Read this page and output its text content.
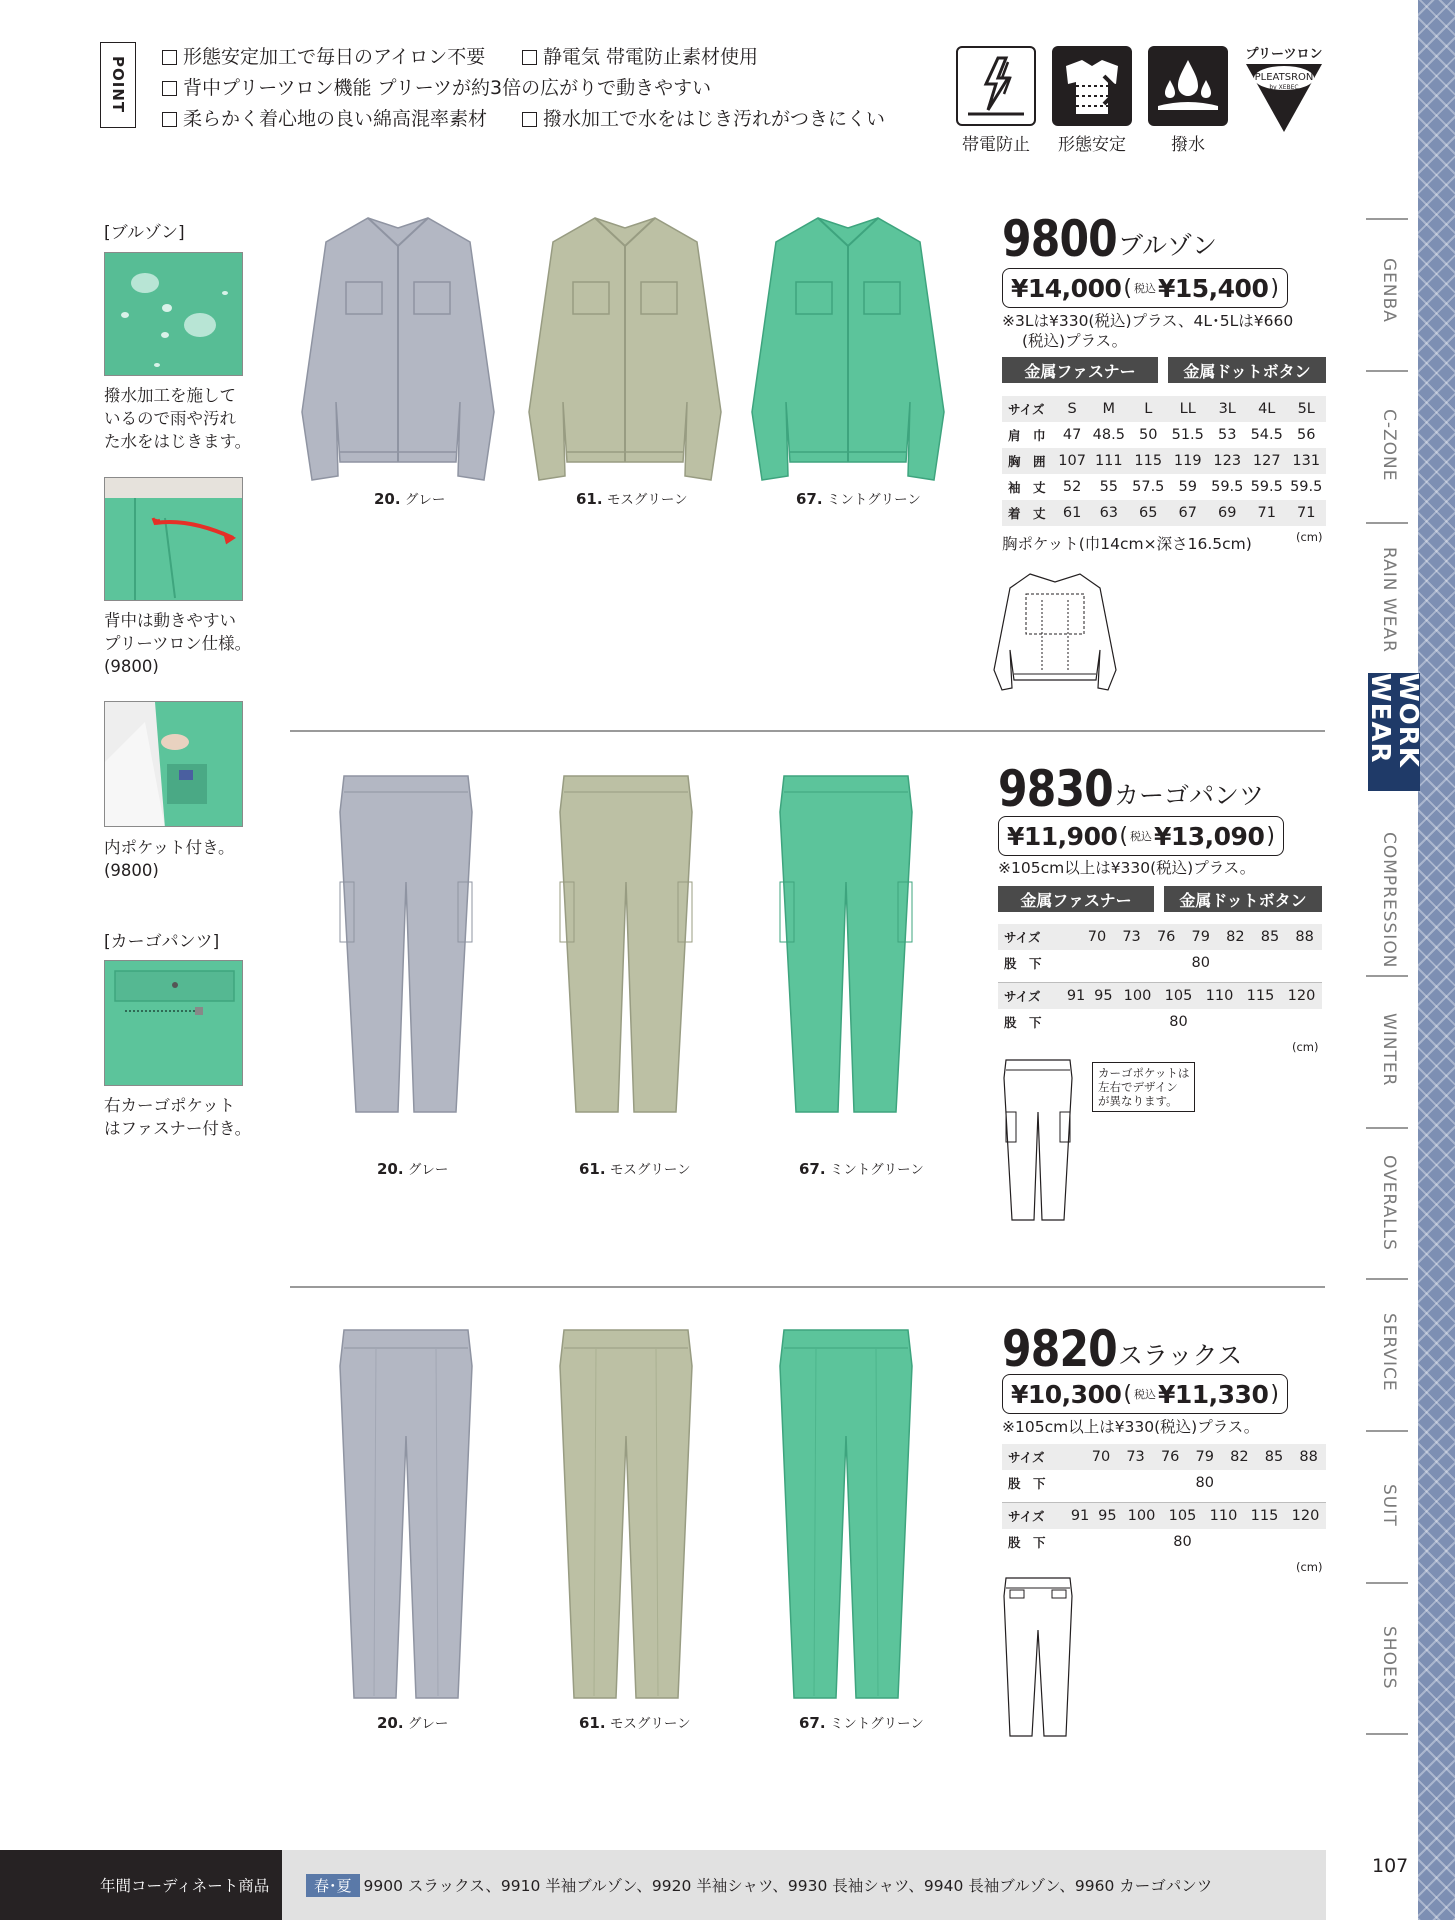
POINT	形態安定加工で毎日のアイロン不要	静電気 帯電防止素材使用
背中プリーツロン機能 プリーツが約3倍の広がりで動きやすい
柔らかく着心地の良い綿高混率素材	撥水加工で水をはじき汚れがつきにくい
帯電防止	形態安定	撥水
プリーツロン
PLEATSRON
by XEBEC
GENBA
C-ZONE
RAIN WEAR
WORK WEAR
COMPRESSION
WINTER
OVERALLS
SERVICE
SUIT
SHOES
[ブルゾン]
撥水加工を施して
いるので雨や汚れ
た水をはじきます。
背中は動きやすい
プリーツロン仕様。
(9800)
内ポケット付き。
(9800)
[カーゴパンツ]
右カーゴポケット
はファスナー付き。
20. グレー	61. モスグリーン	67. ミントグリーン
9800 ブルゾン
¥14,000 ( 税込 ¥15,400 )
※3Lは¥330(税込)プラス、4L･5Lは¥660
(税込)プラス。
金属ファスナー	金属ドットボタン
サイズ	S	M	L	LL	3L	4L	5L
肩　巾	47	48.5	50	51.5	53	54.5	56
胸　囲	107	111	115	119	123	127	131
袖　丈	52	55	57.5	59	59.5	59.5	59.5
着　丈	61	63	65	67	69	71	71
(cm)
胸ポケット(巾14cm×深さ16.5cm)
20. グレー	61. モスグリーン	67. ミントグリーン
9830 カーゴパンツ
¥11,900 ( 税込 ¥13,090 )
※105cm以上は¥330(税込)プラス。
金属ファスナー	金属ドットボタン
サイズ	70	73	76	79	82	85	88
股　下				80			
サイズ	91	95	100	105	110	115	120
股　下				80			
(cm)
カーゴポケットは
左右でデザイン
が異なります。
20. グレー	61. モスグリーン	67. ミントグリーン
9820 スラックス
¥10,300 ( 税込 ¥11,330 )
※105cm以上は¥330(税込)プラス。
サイズ	70	73	76	79	82	85	88
股　下				80			
サイズ	91	95	100	105	110	115	120
股　下				80			
(cm)
年間コーディネート商品	春･夏 9900 スラックス、9910 半袖ブルゾン、9920 半袖シャツ、9930 長袖シャツ、9940 長袖ブルゾン、9960 カーゴパンツ
107
